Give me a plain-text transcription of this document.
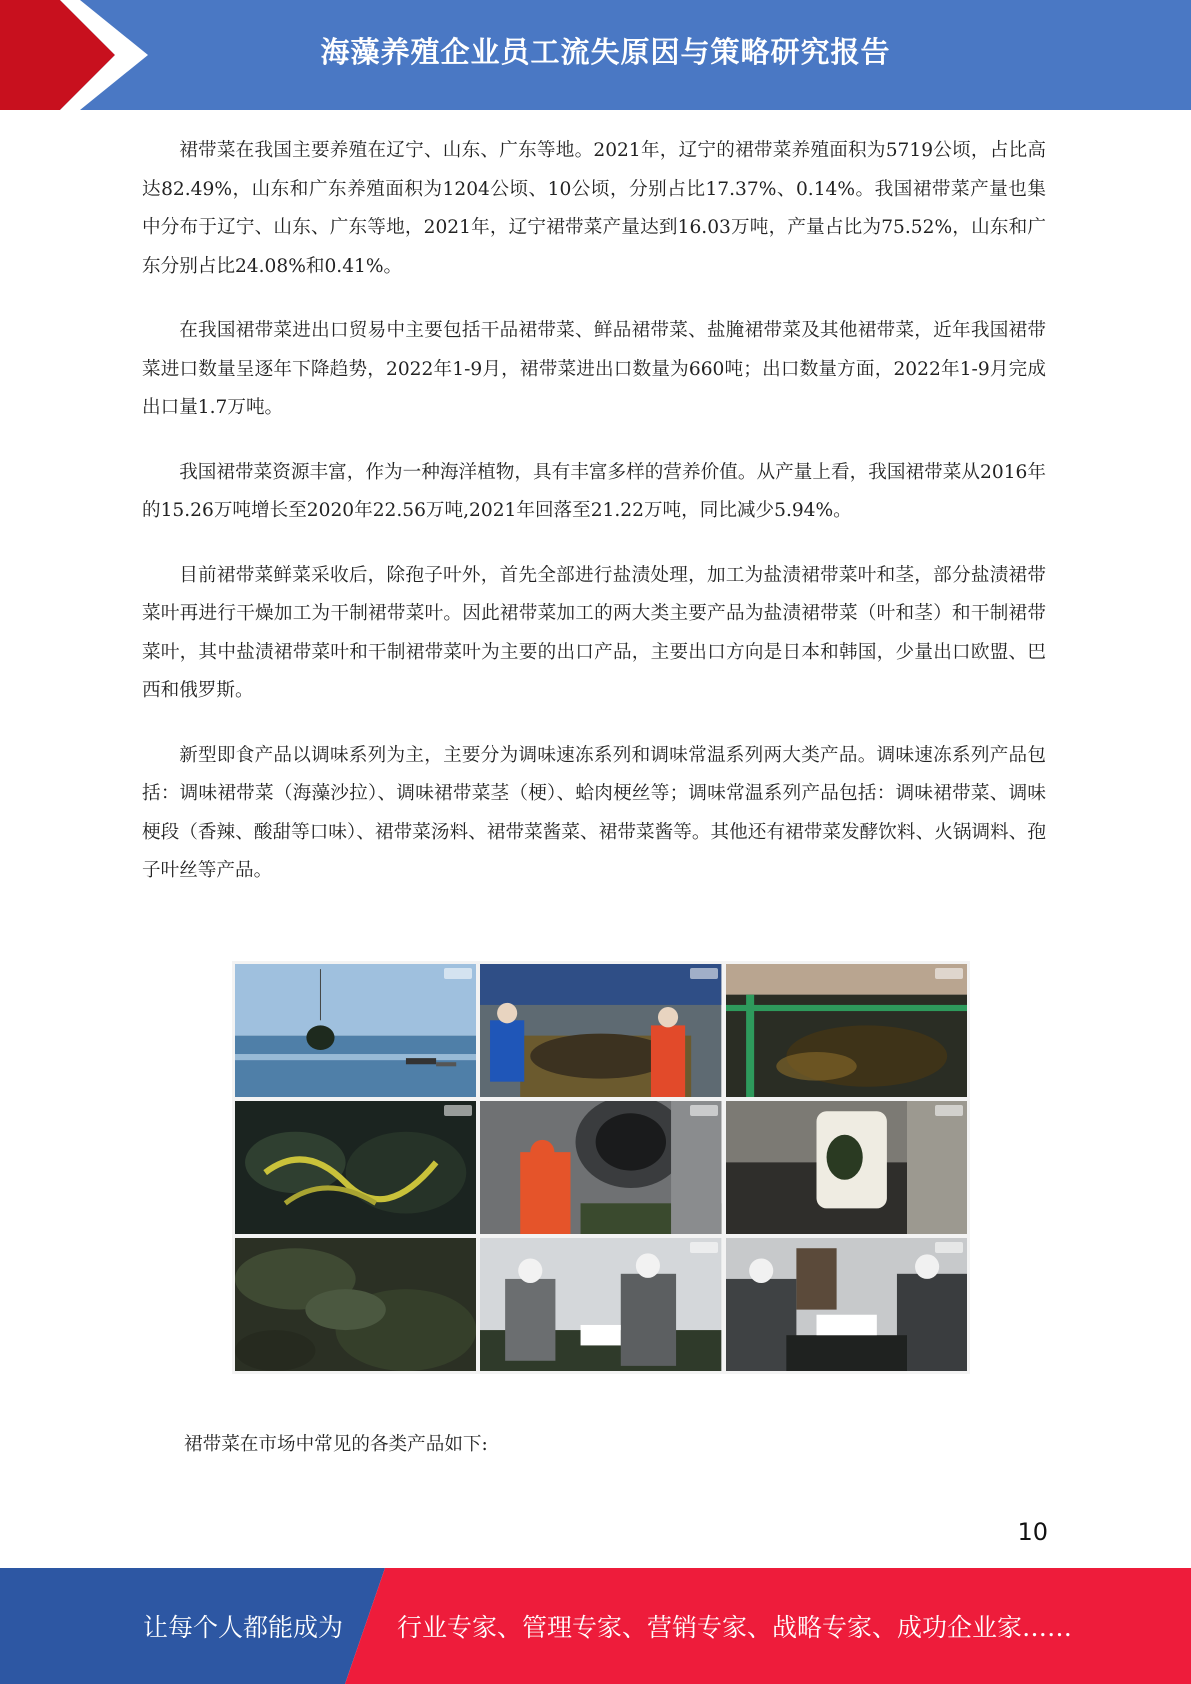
海藻养殖企业员工流失原因与策略研究报告

裙带菜在我国主要养殖在辽宁、山东、广东等地。2021年，辽宁的裙带菜养殖面积为5719公顷，占比高达82.49%，山东和广东养殖面积为1204公顷、10公顷，分别占比17.37%、0.14%。我国裙带菜产量也集中分布于辽宁、山东、广东等地，2021年，辽宁裙带菜产量达到16.03万吨，产量占比为75.52%，山东和广东分别占比24.08%和0.41%。

在我国裙带菜进出口贸易中主要包括干品裙带菜、鲜品裙带菜、盐腌裙带菜及其他裙带菜，近年我国裙带菜进口数量呈逐年下降趋势，2022年1-9月，裙带菜进出口数量为660吨；出口数量方面，2022年1-9月完成出口量1.7万吨。

我国裙带菜资源丰富，作为一种海洋植物，具有丰富多样的营养价值。从产量上看，我国裙带菜从2016年的15.26万吨增长至2020年22.56万吨,2021年回落至21.22万吨，同比减少5.94%。

目前裙带菜鲜菜采收后，除孢子叶外，首先全部进行盐渍处理，加工为盐渍裙带菜叶和茎，部分盐渍裙带菜叶再进行干燥加工为干制裙带菜叶。因此裙带菜加工的两大类主要产品为盐渍裙带菜（叶和茎）和干制裙带菜叶，其中盐渍裙带菜叶和干制裙带菜叶为主要的出口产品，主要出口方向是日本和韩国，少量出口欧盟、巴西和俄罗斯。

新型即食产品以调味系列为主，主要分为调味速冻系列和调味常温系列两大类产品。调味速冻系列产品包括：调味裙带菜（海藻沙拉）、调味裙带菜茎（梗）、蛤肉梗丝等；调味常温系列产品包括：调味裙带菜、调味梗段（香辣、酸甜等口味）、裙带菜汤料、裙带菜酱菜、裙带菜酱等。其他还有裙带菜发酵饮料、火锅调料、孢子叶丝等产品。

裙带菜在市场中常见的各类产品如下:
10
让每个人都能成为 行业专家、管理专家、营销专家、战略专家、成功企业家……
